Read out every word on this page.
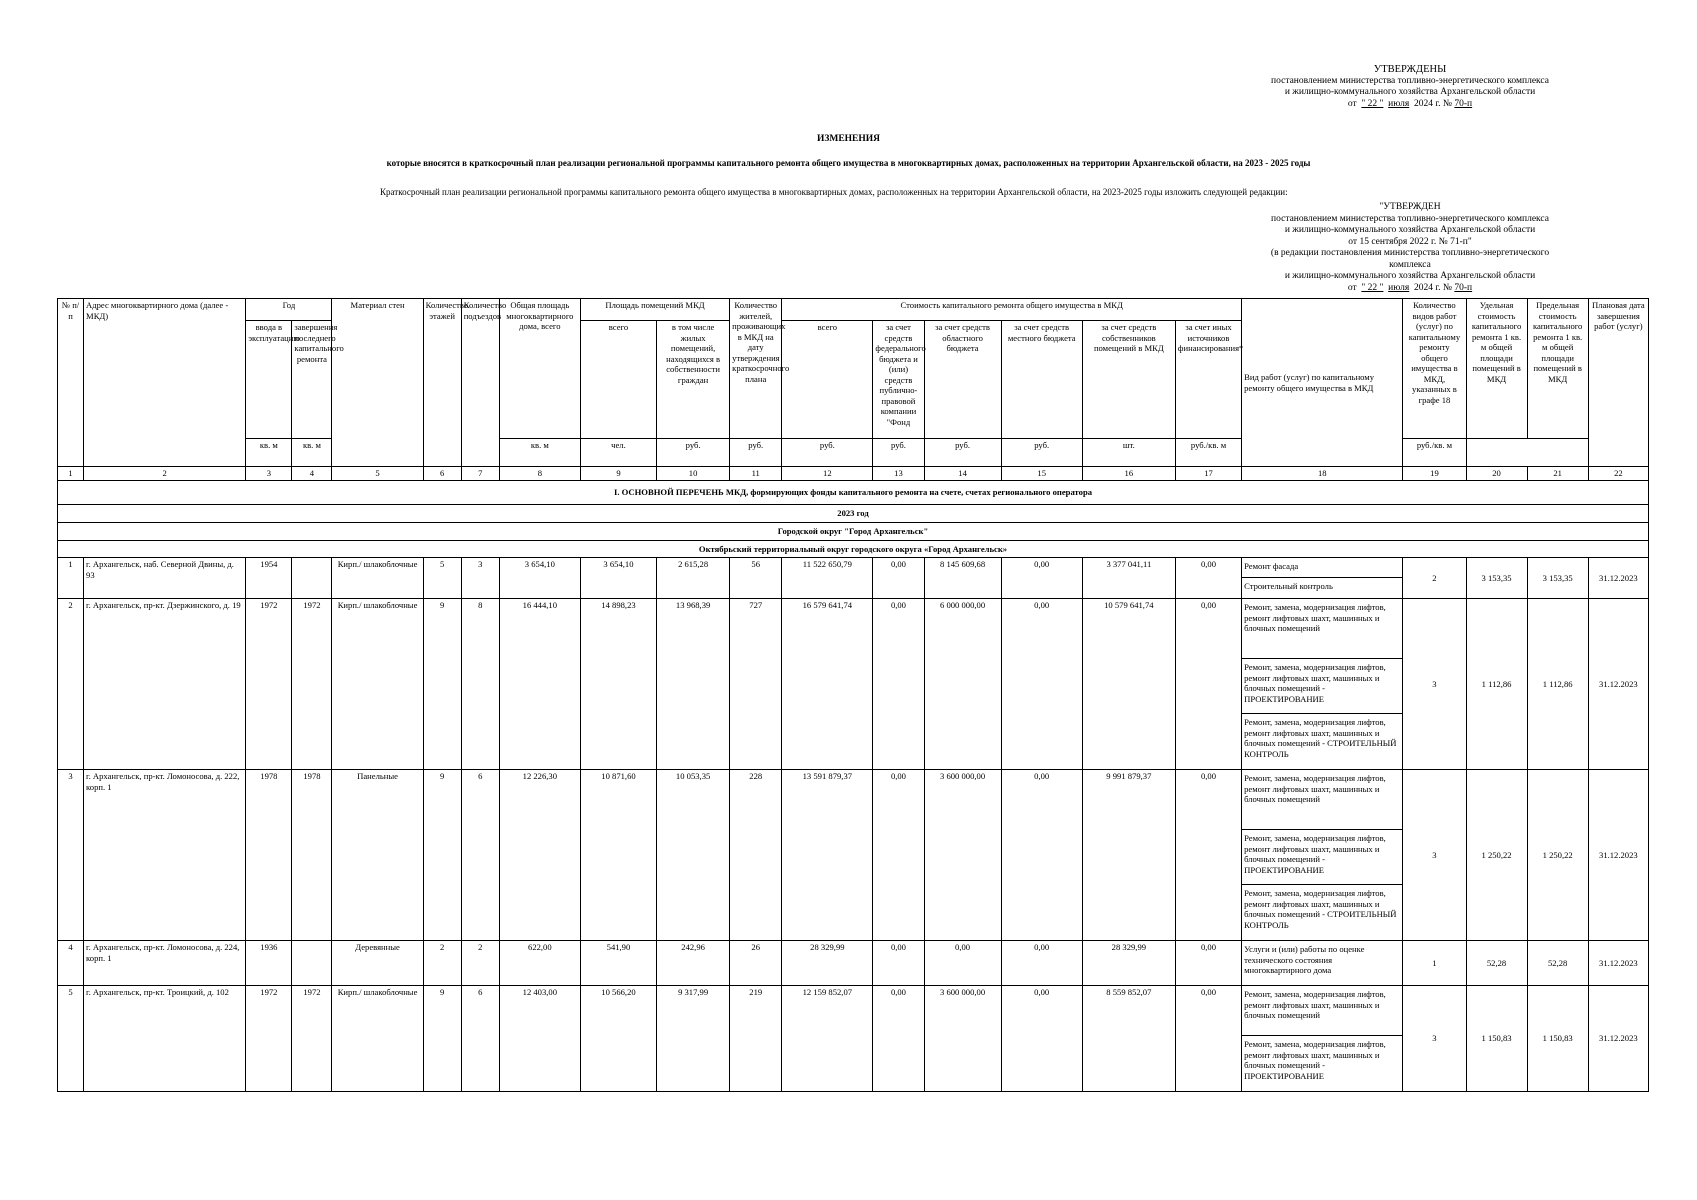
УТВЕРЖДЕНЫ
постановлением министерства топливно-энергетического комплекса
и жилищно-коммунального хозяйства Архангельской области
от " 22 " июля 2024 г. № 70-п
ИЗМЕНЕНИЯ
которые вносятся в краткосрочный план реализации региональной программы капитального ремонта общего имущества в многоквартирных домах, расположенных на территории Архангельской области, на 2023 - 2025 годы
Краткосрочный план реализации региональной программы капитального ремонта общего имущества в многоквартирных домах, расположенных на территории Архангельской области, на 2023-2025 годы изложить следующей редакции:
"УТВЕРЖДЕН
постановлением министерства топливно-энергетического комплекса
и жилищно-коммунального хозяйства Архангельской области
от 15 сентября 2022 г. № 71-п"
(в редакции постановления министерства топливно-энергетического комплекса
и жилищно-коммунального хозяйства Архангельской области
от " 22 " июля 2024 г. № 70-п
№ п/п	Адрес многоквартирного дома (далее - МКД)	Год		Материал стен	Количество этажей	Количество подъездов	Общая площадь многоквартирного дома, всего	Площадь помещений МКД		Количество жителей, проживающих в МКД на дату утверждения краткосрочного плана	Стоимость капитального ремонта общего имущества в МКД						Вид работ (услуг) по капитальному ремонту общего имущества в МКД	Количество видов работ (услуг) по капитальному ремонту общего имущества в МКД, указанных в графе 18	Удельная стоимость капитального ремонта 1 кв. м общей площади помещений в МКД	Предельная стоимость капитального ремонта 1 кв. м общей площади помещений в МКД	Плановая дата завершения работ (услуг)
		ввода в эксплуатацию	завершения последнего капитального ремонта					всего	в том числе жилых помещений, находящихся в собственности граждан		всего	за счет средств федерального бюджета и (или) средств публично-правовой компании "Фонд	за счет средств областного бюджета	за счет средств местного бюджета	за счет средств собственников помещений в МКД	за счет иных источников финансирования*					
		кв. м	кв. м				кв. м	чел.	руб.	руб.	руб.	руб.	руб.	руб.	шт.	руб./кв. м		руб./кв. м			
1	2	3	4	5	6	7	8	9	10	11	12	13	14	15	16	17	18	19	20	21	22
I. ОСНОВНОЙ ПЕРЕЧЕНЬ МКД, формирующих фонды капитального ремонта на счете, счетах регионального оператора																					
2023 год																					
Городской округ "Город Архангельск"																					
Октябрьский территориальный округ городского округа «Город Архангельск»																					
1	г. Архангельск, наб. Северной Двины, д. 93	1954		Кирп./ шлакоблочные	5	3	3 654,10	3 654,10	2 615,28	56	11 522 650,79	0,00	8 145 609,68	0,00	3 377 041,11	0,00	Ремонт фасада
Строительный контроль	2	3 153,35	3 153,35	31.12.2023
2	г. Архангельск, пр-кт. Дзержинского, д. 19	1972	1972	Кирп./ шлакоблочные	9	8	16 444,10	14 898,23	13 968,39	727	16 579 641,74	0,00	6 000 000,00	0,00	10 579 641,74	0,00	Ремонт, замена, модернизация лифтов, ремонт лифтовых шахт, машинных и блочных помещений
Ремонт, замена, модернизация лифтов, ремонт лифтовых шахт, машинных и блочных помещений - ПРОЕКТИРОВАНИЕ
Ремонт, замена, модернизация лифтов, ремонт лифтовых шахт, машинных и блочных помещений - СТРОИТЕЛЬНЫЙ КОНТРОЛЬ	3	1 112,86	1 112,86	31.12.2023
3	г. Архангельск, пр-кт. Ломоносова, д. 222, корп. 1	1978	1978	Панельные	9	6	12 226,30	10 871,60	10 053,35	228	13 591 879,37	0,00	3 600 000,00	0,00	9 991 879,37	0,00	Ремонт, замена, модернизация лифтов, ремонт лифтовых шахт, машинных и блочных помещений
Ремонт, замена, модернизация лифтов, ремонт лифтовых шахт, машинных и блочных помещений - ПРОЕКТИРОВАНИЕ
Ремонт, замена, модернизация лифтов, ремонт лифтовых шахт, машинных и блочных помещений - СТРОИТЕЛЬНЫЙ КОНТРОЛЬ	3	1 250,22	1 250,22	31.12.2023
4	г. Архангельск, пр-кт. Ломоносова, д. 224, корп. 1	1936		Деревянные	2	2	622,00	541,90	242,96	26	28 329,99	0,00	0,00	0,00	28 329,99	0,00	Услуги и (или) работы по оценке технического состояния многоквартирного дома	1	52,28	52,28	31.12.2023
5	г. Архангельск, пр-кт. Троицкий, д. 102	1972	1972	Кирп./ шлакоблочные	9	6	12 403,00	10 566,20	9 317,99	219	12 159 852,07	0,00	3 600 000,00	0,00	8 559 852,07	0,00	Ремонт, замена, модернизация лифтов, ремонт лифтовых шахт, машинных и блочных помещений
Ремонт, замена, модернизация лифтов, ремонт лифтовых шахт, машинных и блочных помещений - ПРОЕКТИРОВАНИЕ	3	1 150,83	1 150,83	31.12.2023
